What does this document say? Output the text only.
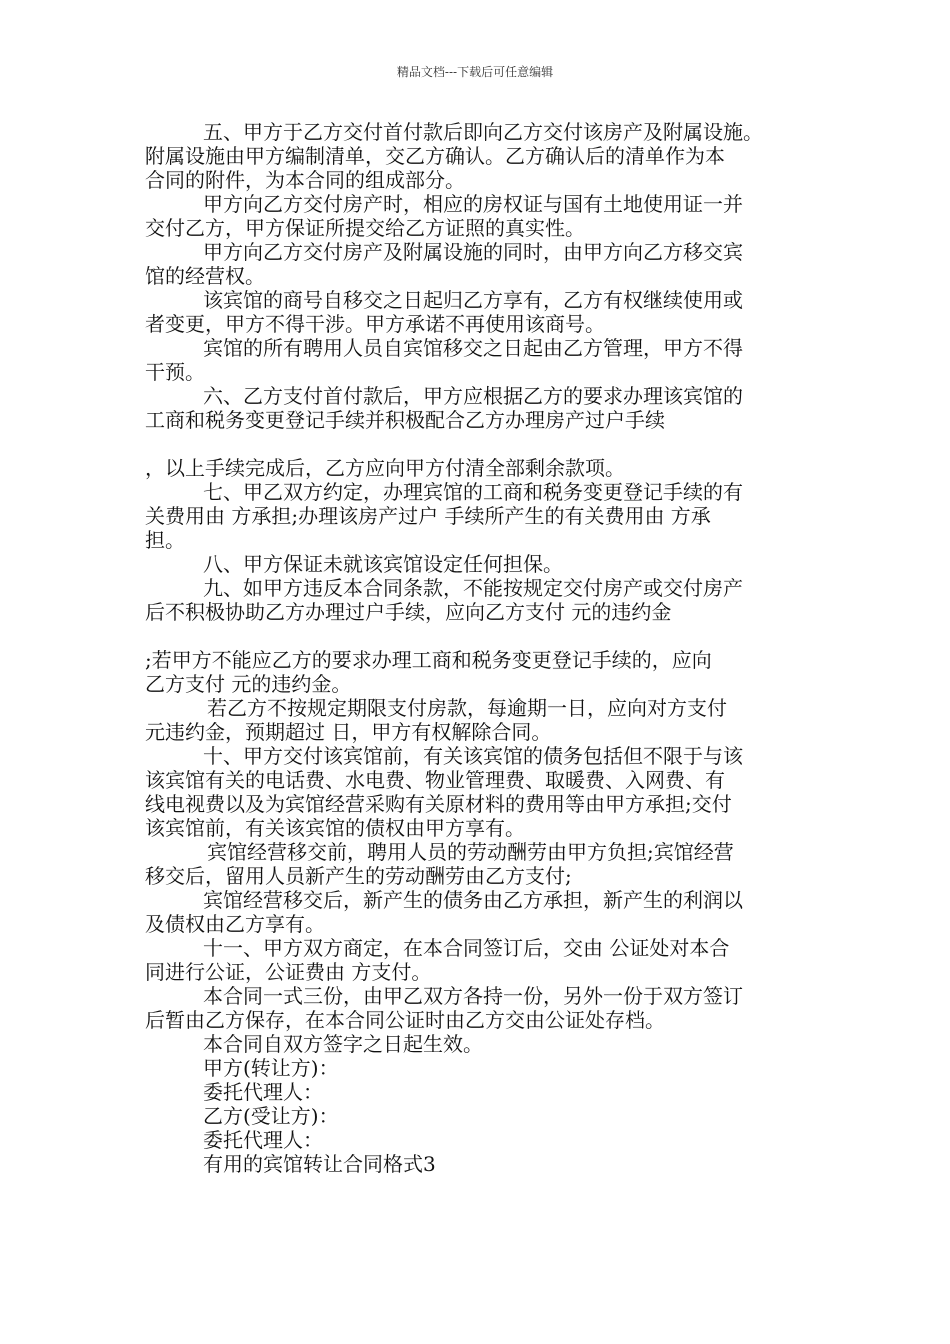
精品文档---下载后可任意编辑
五、甲方于乙方交付首付款后即向乙方交付该房产及附属设施。
附属设施由甲方编制清单，交乙方确认。乙方确认后的清单作为本
合同的附件，为本合同的组成部分。
甲方向乙方交付房产时，相应的房权证与国有土地使用证一并
交付乙方，甲方保证所提交给乙方证照的真实性。
甲方向乙方交付房产及附属设施的同时，由甲方向乙方移交宾
馆的经营权。
该宾馆的商号自移交之日起归乙方享有，乙方有权继续使用或
者变更，甲方不得干涉。甲方承诺不再使用该商号。
宾馆的所有聘用人员自宾馆移交之日起由乙方管理，甲方不得
干预。
六、乙方支付首付款后，甲方应根据乙方的要求办理该宾馆的
工商和税务变更登记手续并积极配合乙方办理房产过户手续
，以上手续完成后，乙方应向甲方付清全部剩余款项。
七、甲乙双方约定，办理宾馆的工商和税务变更登记手续的有
关费用由 方承担;办理该房产过户 手续所产生的有关费用由 方承
担。
八、甲方保证未就该宾馆设定任何担保。
九、如甲方违反本合同条款，不能按规定交付房产或交付房产
后不积极协助乙方办理过户手续，应向乙方支付 元的违约金
;若甲方不能应乙方的要求办理工商和税务变更登记手续的，应向
乙方支付 元的违约金。
若乙方不按规定期限支付房款，每逾期一日，应向对方支付
元违约金，预期超过 日，甲方有权解除合同。
十、甲方交付该宾馆前，有关该宾馆的债务包括但不限于与该
该宾馆有关的电话费、水电费、物业管理费、取暖费、入网费、有
线电视费以及为宾馆经营采购有关原材料的费用等由甲方承担;交付
该宾馆前，有关该宾馆的债权由甲方享有。
宾馆经营移交前，聘用人员的劳动酬劳由甲方负担;宾馆经营
移交后，留用人员新产生的劳动酬劳由乙方支付;
宾馆经营移交后，新产生的债务由乙方承担，新产生的利润以
及债权由乙方享有。
十一、甲方双方商定，在本合同签订后，交由 公证处对本合
同进行公证，公证费由 方支付。
本合同一式三份，由甲乙双方各持一份，另外一份于双方签订
后暂由乙方保存，在本合同公证时由乙方交由公证处存档。
本合同自双方签字之日起生效。
甲方(转让方)：
委托代理人：
乙方(受让方)：
委托代理人：
有用的宾馆转让合同格式3
